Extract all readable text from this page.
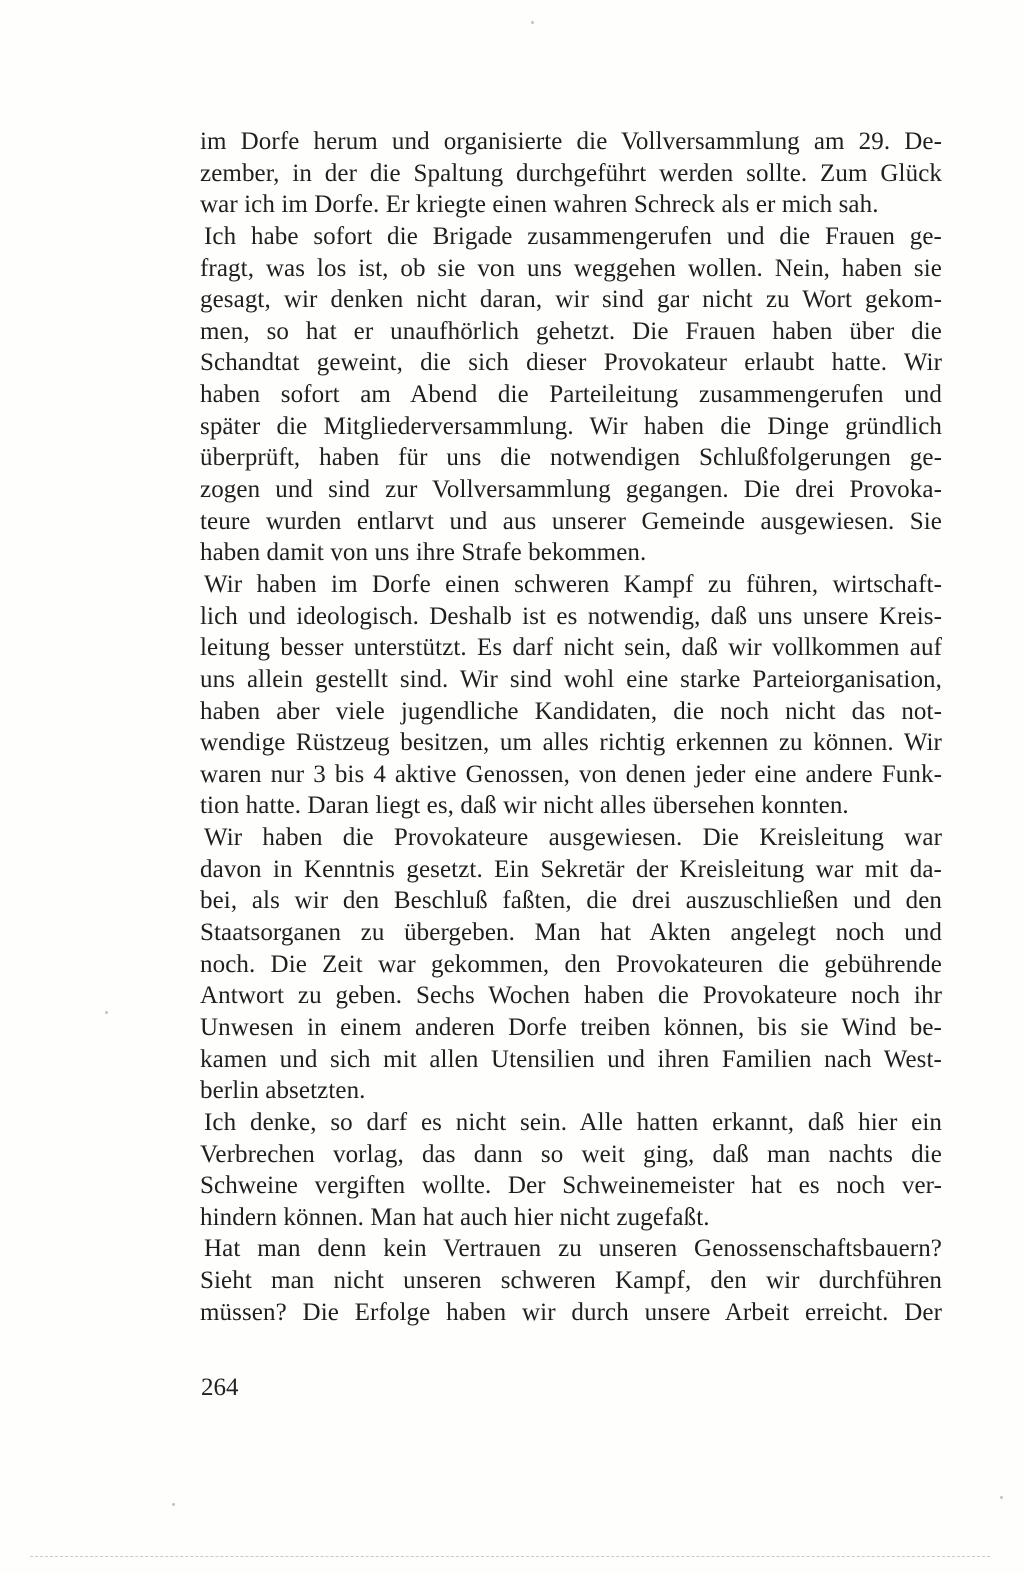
im Dorfe herum und organisierte die Vollversammlung am 29. De-
zember, in der die Spaltung durchgeführt werden sollte. Zum Glück
war ich im Dorfe. Er kriegte einen wahren Schreck als er mich sah.
Ich habe sofort die Brigade zusammengerufen und die Frauen ge-
fragt, was los ist, ob sie von uns weggehen wollen. Nein, haben sie
gesagt, wir denken nicht daran, wir sind gar nicht zu Wort gekom-
men, so hat er unaufhörlich gehetzt. Die Frauen haben über die
Schandtat geweint, die sich dieser Provokateur erlaubt hatte. Wir
haben sofort am Abend die Parteileitung zusammengerufen und
später die Mitgliederversammlung. Wir haben die Dinge gründlich
überprüft, haben für uns die notwendigen Schlußfolgerungen ge-
zogen und sind zur Vollversammlung gegangen. Die drei Provoka-
teure wurden entlarvt und aus unserer Gemeinde ausgewiesen. Sie
haben damit von uns ihre Strafe bekommen.
Wir haben im Dorfe einen schweren Kampf zu führen, wirtschaft-
lich und ideologisch. Deshalb ist es notwendig, daß uns unsere Kreis-
leitung besser unterstützt. Es darf nicht sein, daß wir vollkommen auf
uns allein gestellt sind. Wir sind wohl eine starke Parteiorganisation,
haben aber viele jugendliche Kandidaten, die noch nicht das not-
wendige Rüstzeug besitzen, um alles richtig erkennen zu können. Wir
waren nur 3 bis 4 aktive Genossen, von denen jeder eine andere Funk-
tion hatte. Daran liegt es, daß wir nicht alles übersehen konnten.
Wir haben die Provokateure ausgewiesen. Die Kreisleitung war
davon in Kenntnis gesetzt. Ein Sekretär der Kreisleitung war mit da-
bei, als wir den Beschluß faßten, die drei auszuschließen und den
Staatsorganen zu übergeben. Man hat Akten angelegt noch und
noch. Die Zeit war gekommen, den Provokateuren die gebührende
Antwort zu geben. Sechs Wochen haben die Provokateure noch ihr
Unwesen in einem anderen Dorfe treiben können, bis sie Wind be-
kamen und sich mit allen Utensilien und ihren Familien nach West-
berlin absetzten.
Ich denke, so darf es nicht sein. Alle hatten erkannt, daß hier ein
Verbrechen vorlag, das dann so weit ging, daß man nachts die
Schweine vergiften wollte. Der Schweinemeister hat es noch ver-
hindern können. Man hat auch hier nicht zugefaßt.
Hat man denn kein Vertrauen zu unseren Genossenschaftsbauern?
Sieht man nicht unseren schweren Kampf, den wir durchführen
müssen? Die Erfolge haben wir durch unsere Arbeit erreicht. Der
264
